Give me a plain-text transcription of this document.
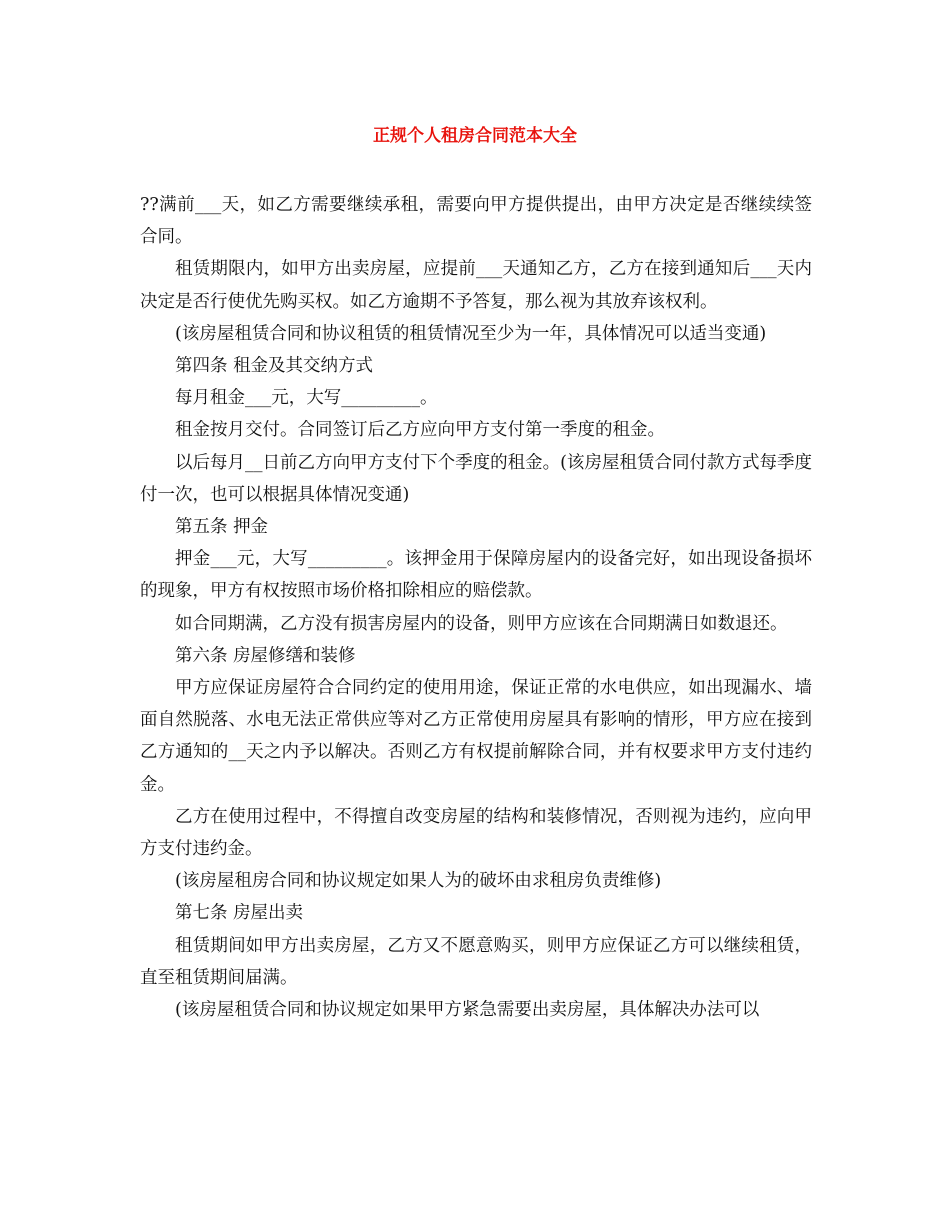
正规个人租房合同范本大全

??满前___天，如乙方需要继续承租，需要向甲方提供提出，由甲方决定是否继续续签合同。

租赁期限内，如甲方出卖房屋，应提前___天通知乙方，乙方在接到通知后___天内决定是否行使优先购买权。如乙方逾期不予答复，那么视为其放弃该权利。

(该房屋租赁合同和协议租赁的租赁情况至少为一年，具体情况可以适当变通)

第四条 租金及其交纳方式

每月租金___元，大写_________。

租金按月交付。合同签订后乙方应向甲方支付第一季度的租金。

以后每月__日前乙方向甲方支付下个季度的租金。(该房屋租赁合同付款方式每季度付一次，也可以根据具体情况变通)

第五条 押金

押金___元，大写_________。该押金用于保障房屋内的设备完好，如出现设备损坏的现象，甲方有权按照市场价格扣除相应的赔偿款。

如合同期满，乙方没有损害房屋内的设备，则甲方应该在合同期满日如数退还。

第六条 房屋修缮和装修

甲方应保证房屋符合合同约定的使用用途，保证正常的水电供应，如出现漏水、墙面自然脱落、水电无法正常供应等对乙方正常使用房屋具有影响的情形，甲方应在接到乙方通知的__天之内予以解决。否则乙方有权提前解除合同，并有权要求甲方支付违约金。

乙方在使用过程中，不得擅自改变房屋的结构和装修情况，否则视为违约，应向甲方支付违约金。

(该房屋租房合同和协议规定如果人为的破坏由求租房负责维修)

第七条 房屋出卖

租赁期间如甲方出卖房屋，乙方又不愿意购买，则甲方应保证乙方可以继续租赁，直至租赁期间届满。

(该房屋租赁合同和协议规定如果甲方紧急需要出卖房屋，具体解决办法可以
